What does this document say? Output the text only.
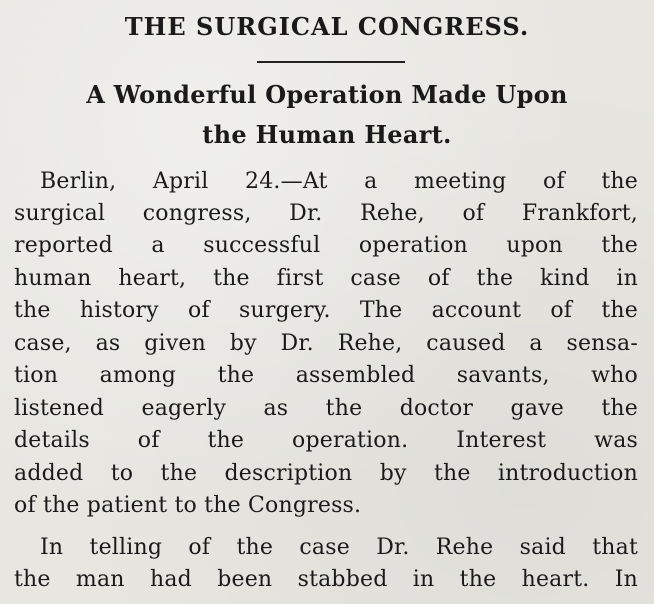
THE SURGICAL CONGRESS.
A Wonderful Operation Made Upon
the Human Heart.
Berlin, April 24.—At a meeting of the
surgical congress, Dr. Rehe, of Frankfort,
reported a successful operation upon the
human heart, the first case of the kind in
the history of surgery. The account of the
case, as given by Dr. Rehe, caused a sensa-
tion among the assembled savants, who
listened eagerly as the doctor gave the
details of the operation. Interest was
added to the description by the introduction
of the patient to the Congress.
In telling of the case Dr. Rehe said that
the man had been stabbed in the heart. In
